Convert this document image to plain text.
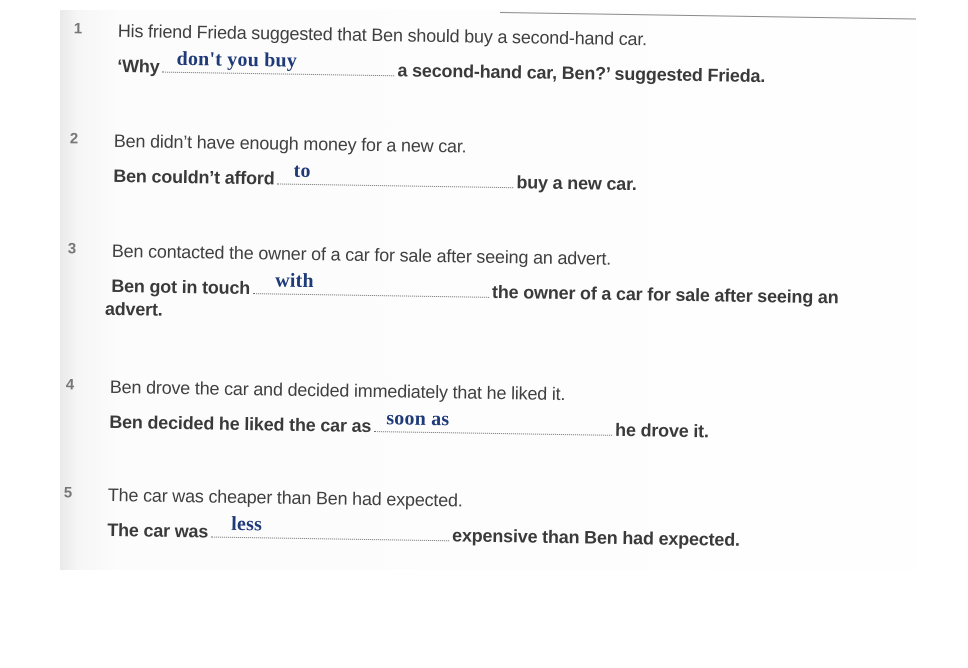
1 His friend Frieda suggested that Ben should buy a second-hand car.
‘Why don't you buy
a second-hand car, Ben?’ suggested Frieda.
2 Ben didn’t have enough money for a new car.
Ben couldn’t afford to
buy a new car.
3 Ben contacted the owner of a car for sale after seeing an advert.
Ben got in touch with
the owner of a car for sale after seeing an
advert.
4 Ben drove the car and decided immediately that he liked it.
Ben decided he liked the car as soon as
he drove it.
5 The car was cheaper than Ben had expected.
The car was less
expensive than Ben had expected.
